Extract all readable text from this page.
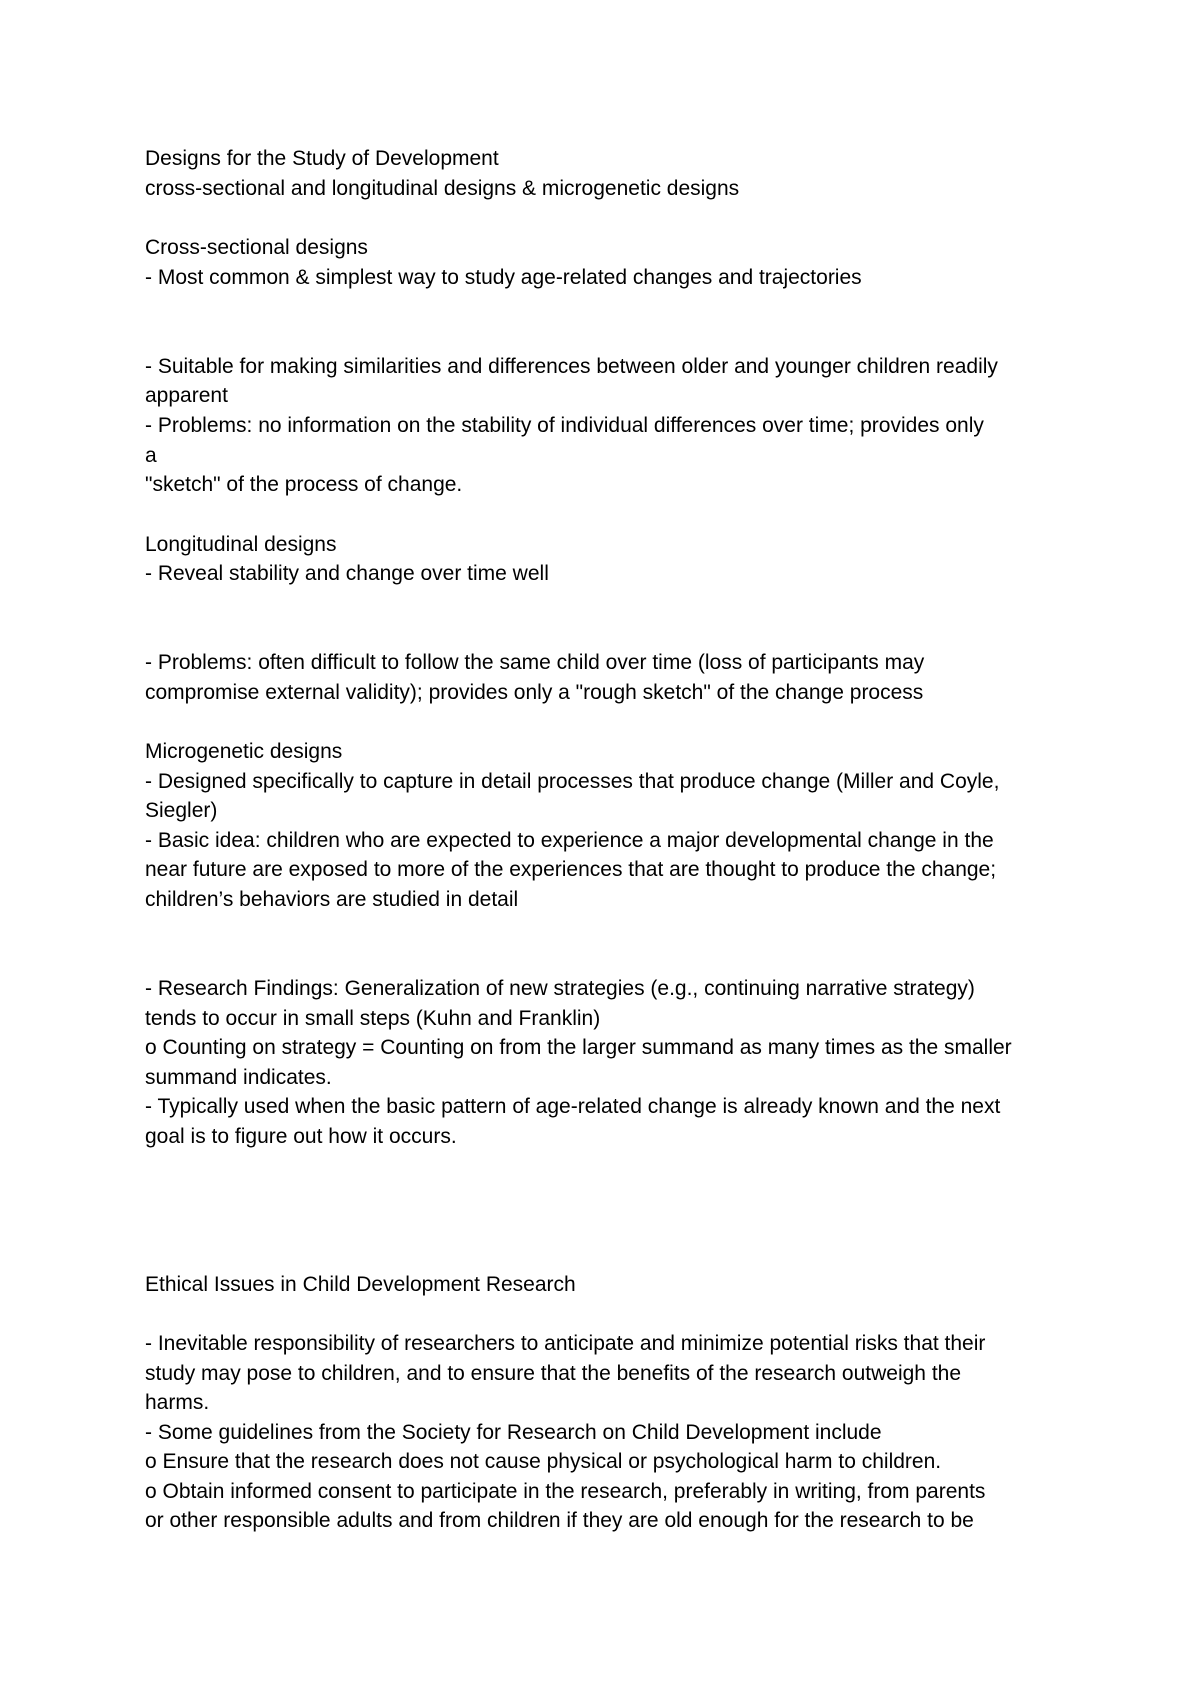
Designs for the Study of Development

cross-sectional and longitudinal designs & microgenetic designs

Cross-sectional designs

- Most common & simplest way to study age-related changes and trajectories

- Suitable for making similarities and differences between older and younger children readily

apparent

- Problems: no information on the stability of individual differences over time; provides only

a

"sketch" of the process of change.

Longitudinal designs

- Reveal stability and change over time well

- Problems: often difficult to follow the same child over time (loss of participants may

compromise external validity); provides only a "rough sketch" of the change process

Microgenetic designs

- Designed specifically to capture in detail processes that produce change (Miller and Coyle,

Siegler)

- Basic idea: children who are expected to experience a major developmental change in the

near future are exposed to more of the experiences that are thought to produce the change;

children’s behaviors are studied in detail

- Research Findings: Generalization of new strategies (e.g., continuing narrative strategy)

tends to occur in small steps (Kuhn and Franklin)

o Counting on strategy = Counting on from the larger summand as many times as the smaller

summand indicates.

- Typically used when the basic pattern of age-related change is already known and the next

goal is to figure out how it occurs.

Ethical Issues in Child Development Research

- Inevitable responsibility of researchers to anticipate and minimize potential risks that their

study may pose to children, and to ensure that the benefits of the research outweigh the

harms.

- Some guidelines from the Society for Research on Child Development include

o Ensure that the research does not cause physical or psychological harm to children.

o Obtain informed consent to participate in the research, preferably in writing, from parents

or other responsible adults and from children if they are old enough for the research to be
